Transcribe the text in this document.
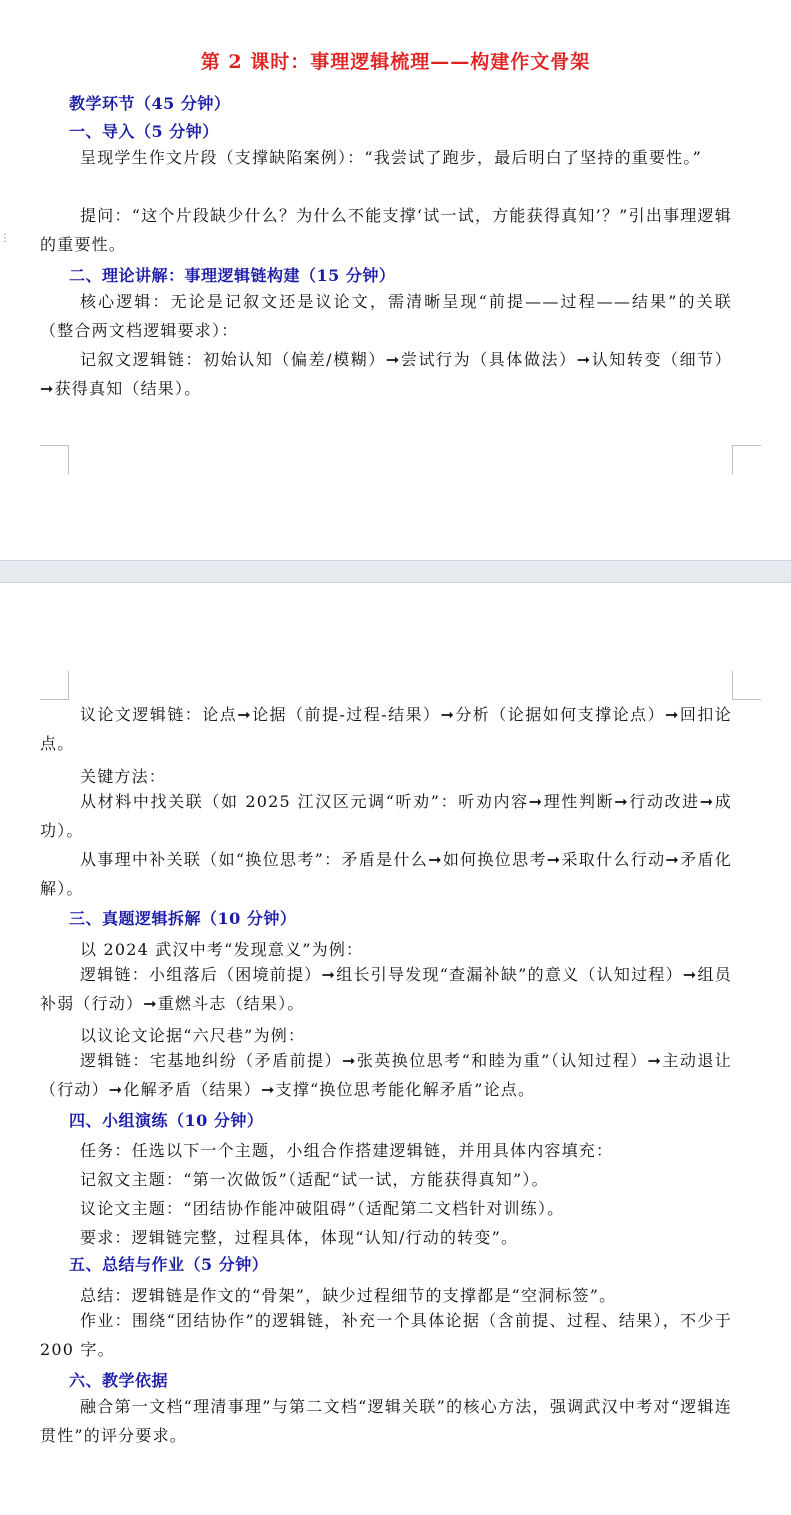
⋮
第 2 课时：事理逻辑梳理——构建作文骨架
教学环节（45 分钟）
一、导入（5 分钟）

呈现学生作文片段（支撑缺陷案例）：“我尝试了跑步，最后明白了坚持的重要性。”

提问：“这个片段缺少什么？为什么不能支撑‘试一试，方能获得真知’？”引出事理逻辑的重要性。

二、理论讲解：事理逻辑链构建（15 分钟）

核心逻辑：无论是记叙文还是议论文，需清晰呈现“前提——过程——结果”的关联（整合两文档逻辑要求）：

记叙文逻辑链：初始认知（偏差/模糊）➞尝试行为（具体做法）➞认知转变（细节）➞获得真知（结果）。

议论文逻辑链：论点➞论据（前提-过程-结果）➞分析（论据如何支撑论点）➞回扣论点。

关键方法：

从材料中找关联（如 2025 江汉区元调“听劝”：听劝内容➞理性判断➞行动改进➞成功）。

从事理中补关联（如“换位思考”：矛盾是什么➞如何换位思考➞采取什么行动➞矛盾化解）。

三、真题逻辑拆解（10 分钟）
以 2024 武汉中考“发现意义”为例：

逻辑链：小组落后（困境前提）➞组长引导发现“查漏补缺”的意义（认知过程）➞组员补弱（行动）➞重燃斗志（结果）。

以议论文论据“六尺巷”为例：

逻辑链：宅基地纠纷（矛盾前提）➞张英换位思考“和睦为重”（认知过程）➞主动退让（行动）➞化解矛盾（结果）➞支撑“换位思考能化解矛盾”论点。

四、小组演练（10 分钟）
任务：任选以下一个主题，小组合作搭建逻辑链，并用具体内容填充：
记叙文主题：“第一次做饭”（适配“试一试，方能获得真知”）。
议论文主题：“团结协作能冲破阻碍”（适配第二文档针对训练）。
要求：逻辑链完整，过程具体，体现“认知/行动的转变”。
五、总结与作业（5 分钟）
总结：逻辑链是作文的“骨架”，缺少过程细节的支撑都是“空洞标签”。

作业：围绕“团结协作”的逻辑链，补充一个具体论据（含前提、过程、结果），不少于 200 字。

六、教学依据

融合第一文档“理清事理”与第二文档“逻辑关联”的核心方法，强调武汉中考对“逻辑连贯性”的评分要求。
